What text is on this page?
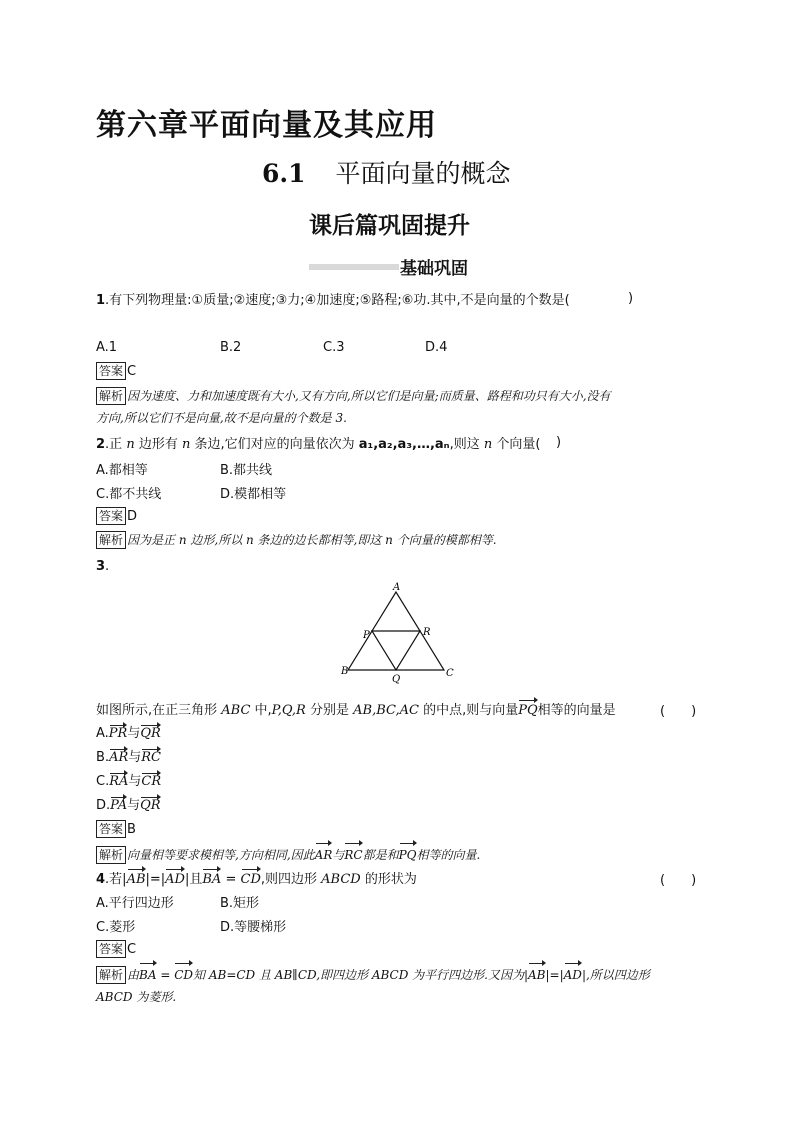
第六章平面向量及其应用
6.1 平面向量的概念
课后篇巩固提升
基础巩固
1.有下列物理量:①质量;②速度;③力;④加速度;⑤路程;⑥功.其中,不是向量的个数是(	)
A.1	B.2	C.3	D.4
答案 C
解析 因为速度、力和加速度既有大小,又有方向,所以它们是向量;而质量、路程和功只有大小,没有
方向,所以它们不是向量,故不是向量的个数是 3.
2.正 n 边形有 n 条边,它们对应的向量依次为 a₁,a₂,a₃,…,aₙ,则这 n 个向量( )
A.都相等	B.都共线
C.都不共线	D.模都相等
答案 D
解析 因为是正 n 边形,所以 n 条边的边长都相等,即这 n 个向量的模都相等.
3.
A
B	C
P
Q
R
如图所示,在正三角形 ABC 中,P,Q,R 分别是 AB,BC,AC 的中点,则与向量PQ相等的向量是	(　　)
A.PR与QR
B.AR与RC
C.RA与CR
D.PA与QR
答案 B
解析 向量相等要求模相等,方向相同,因此AR与RC都是和PQ相等的向量.
4.若|AB|=|AD|且BA = CD,则四边形 ABCD 的形状为	(　　)
A.平行四边形	B.矩形
C.菱形	D.等腰梯形
答案 C
解析 由BA = CD知 AB=CD 且 AB∥CD,即四边形 ABCD 为平行四边形.又因为|AB|=|AD|,所以四边形
ABCD 为菱形.
